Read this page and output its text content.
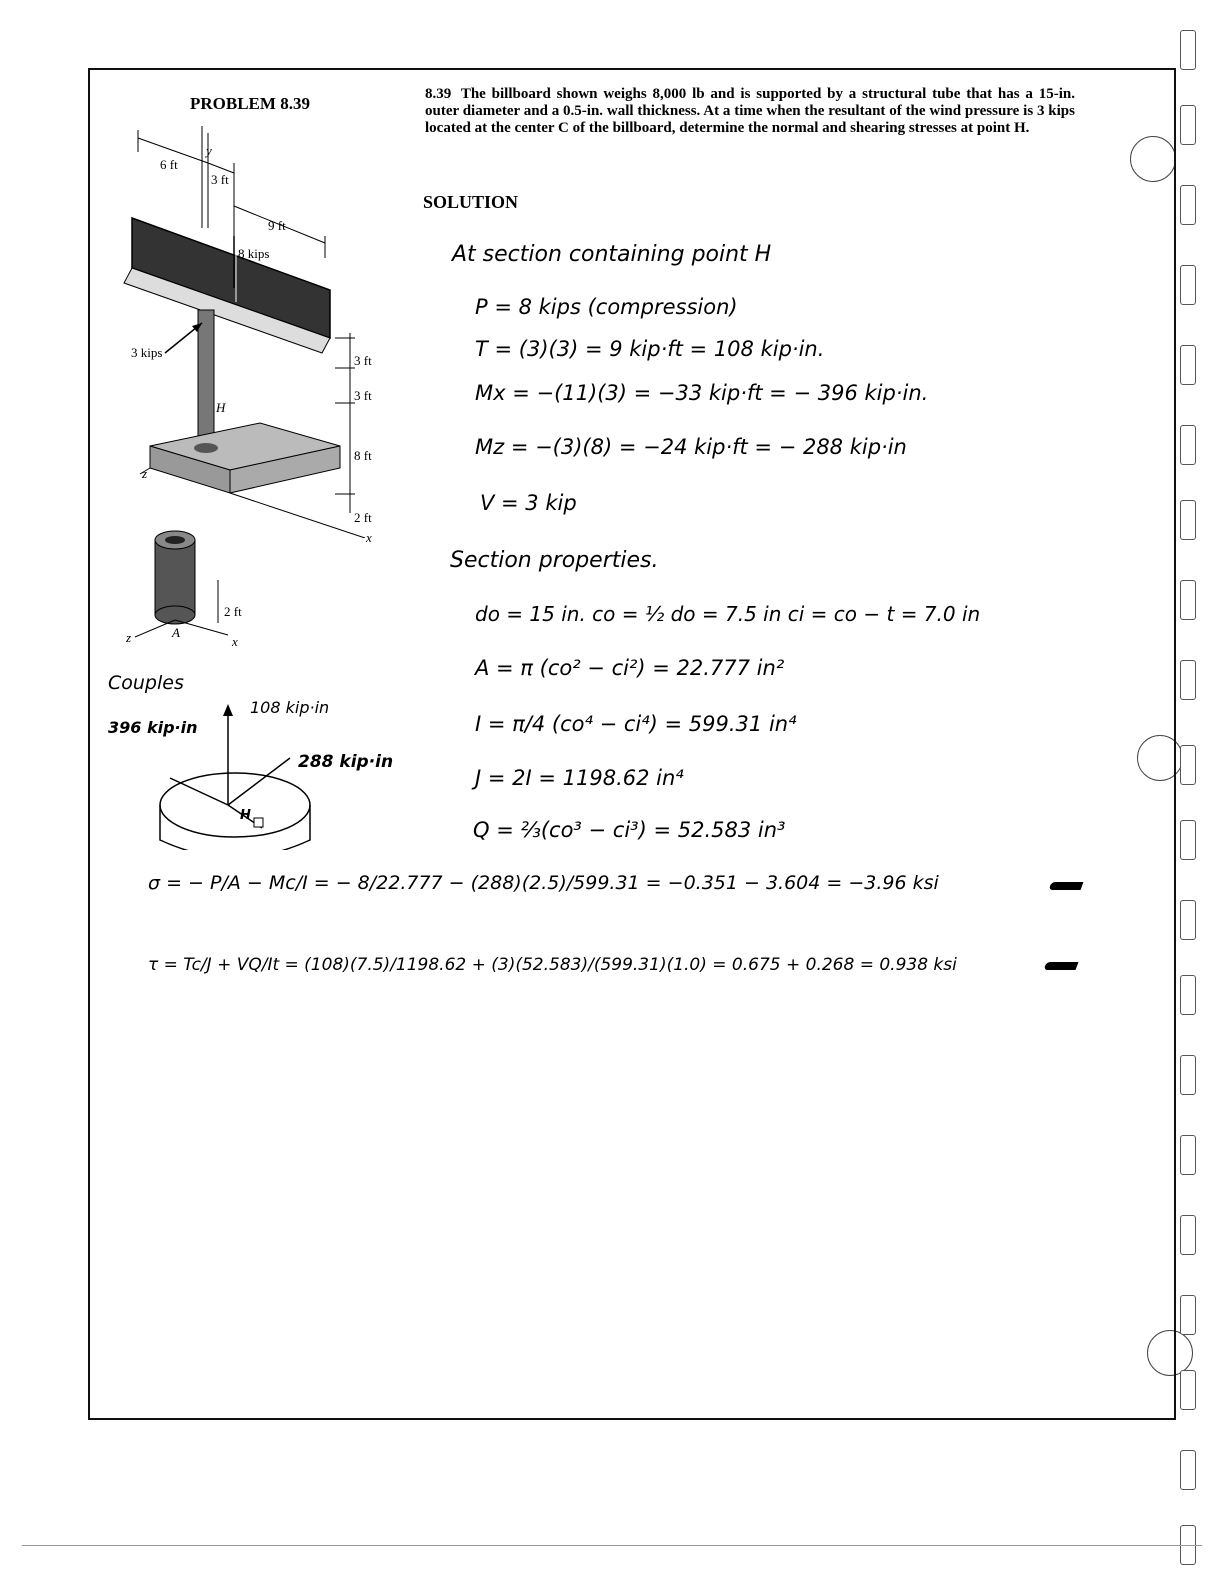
PROBLEM 8.39	8.39 The billboard shown weighs 8,000 lb and is supported by a structural tube that has a 15-in. outer diameter and a 0.5-in. wall thickness. At a time when the resultant of the wind pressure is 3 kips located at the center C of the billboard, determine the normal and shearing stresses at point H.
6 ft
3 ft
9 ft
8 kips
3 kips
y
3 ft
3 ft
H
8 ft
z
2 ft
x
2 ft
A
z	x
Couples
396 kip·in
108 kip·in
288 kip·in
H
SOLUTION
At section containing point H
P = 8 kips (compression)
T = (3)(3) = 9 kip·ft = 108 kip·in.
Mx = −(11)(3) = −33 kip·ft = − 396 kip·in.
Mz = −(3)(8) = −24 kip·ft = − 288 kip·in
V = 3 kip
Section properties.
do = 15 in. co = ½ do = 7.5 in ci = co − t = 7.0 in
A = π (co² − ci²) = 22.777 in²
I = π/4 (co⁴ − ci⁴) = 599.31 in⁴
J = 2I = 1198.62 in⁴
Q = ⅔(co³ − ci³) = 52.583 in³
σ = − P/A − Mc/I = − 8/22.777 − (288)(2.5)/599.31 = −0.351 − 3.604 = −3.96 ksi
τ = Tc/J + VQ/It = (108)(7.5)/1198.62 + (3)(52.583)/(599.31)(1.0) = 0.675 + 0.268 = 0.938 ksi
